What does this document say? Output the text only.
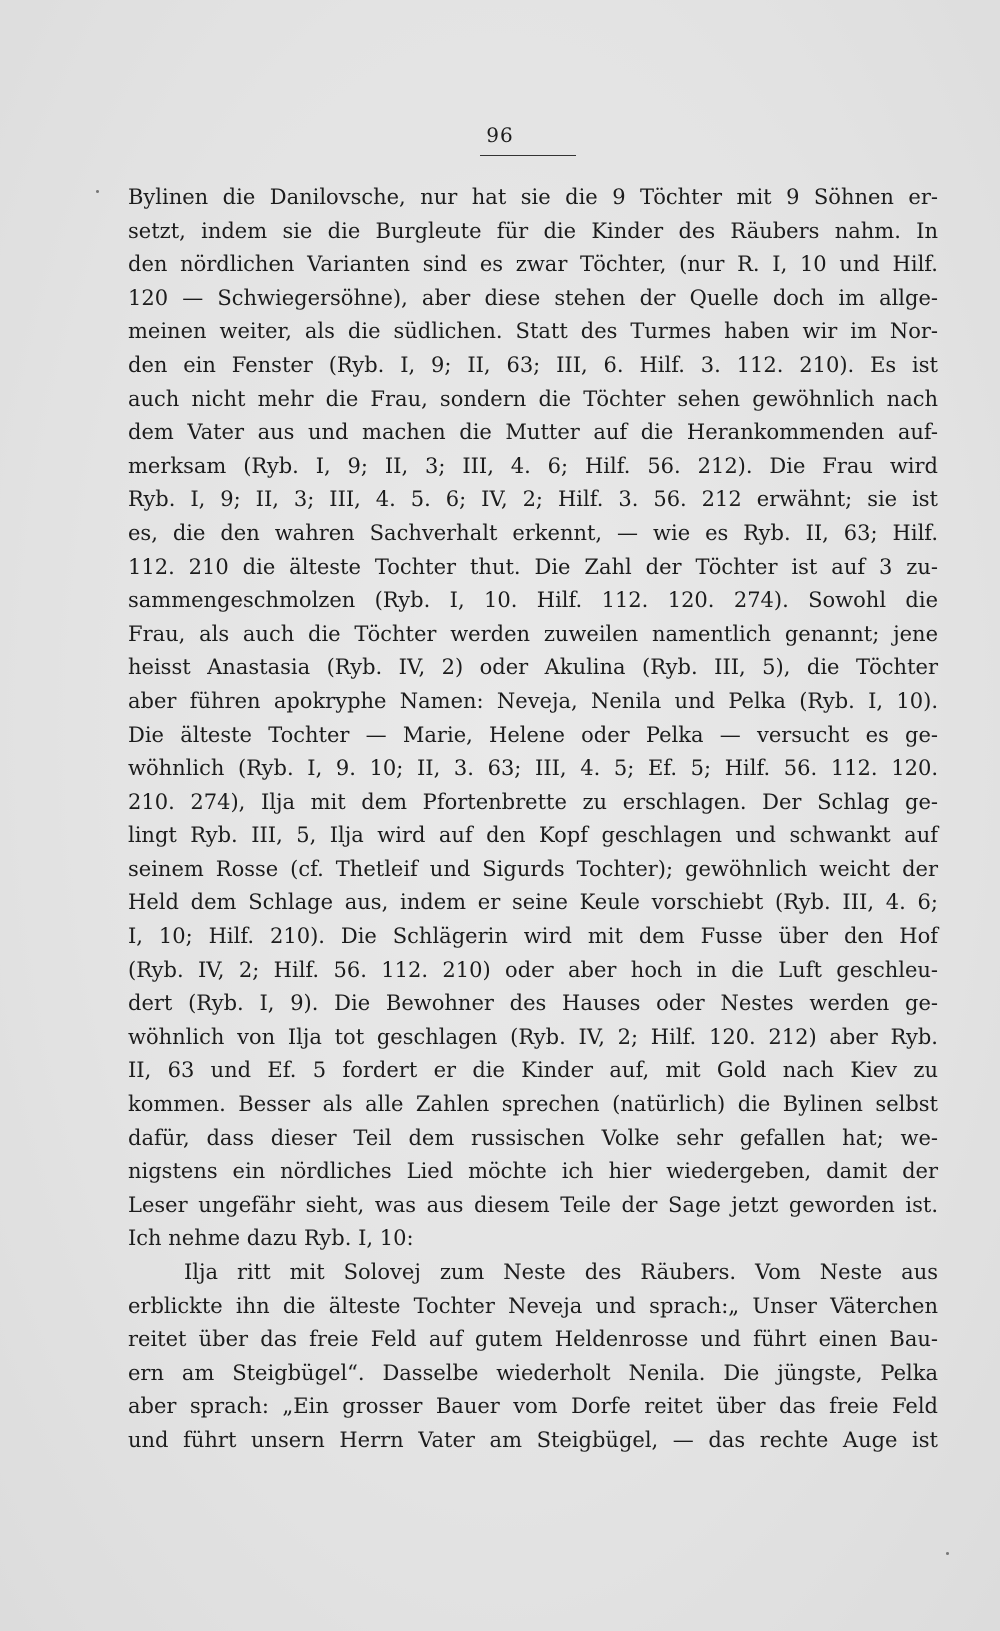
96
Bylinen die Danilovsche, nur hat sie die 9 Töchter mit 9 Söhnen er-
setzt, indem sie die Burgleute für die Kinder des Räubers nahm. In
den nördlichen Varianten sind es zwar Töchter, (nur R. I, 10 und Hilf.
120 — Schwiegersöhne), aber diese stehen der Quelle doch im allge-
meinen weiter, als die südlichen. Statt des Turmes haben wir im Nor-
den ein Fenster (Ryb. I, 9; II, 63; III, 6. Hilf. 3. 112. 210). Es ist
auch nicht mehr die Frau, sondern die Töchter sehen gewöhnlich nach
dem Vater aus und machen die Mutter auf die Herankommenden auf-
merksam (Ryb. I, 9; II, 3; III, 4. 6; Hilf. 56. 212). Die Frau wird
Ryb. I, 9; II, 3; III, 4. 5. 6; IV, 2; Hilf. 3. 56. 212 erwähnt; sie ist
es, die den wahren Sachverhalt erkennt, — wie es Ryb. II, 63; Hilf.
112. 210 die älteste Tochter thut. Die Zahl der Töchter ist auf 3 zu-
sammengeschmolzen (Ryb. I, 10. Hilf. 112. 120. 274). Sowohl die
Frau, als auch die Töchter werden zuweilen namentlich genannt; jene
heisst Anastasia (Ryb. IV, 2) oder Akulina (Ryb. III, 5), die Töchter
aber führen apokryphe Namen: Neveja, Nenila und Pelka (Ryb. I, 10).
Die älteste Tochter — Marie, Helene oder Pelka — versucht es ge-
wöhnlich (Ryb. I, 9. 10; II, 3. 63; III, 4. 5; Ef. 5; Hilf. 56. 112. 120.
210. 274), Ilja mit dem Pfortenbrette zu erschlagen. Der Schlag ge-
lingt Ryb. III, 5, Ilja wird auf den Kopf geschlagen und schwankt auf
seinem Rosse (cf. Thetleif und Sigurds Tochter); gewöhnlich weicht der
Held dem Schlage aus, indem er seine Keule vorschiebt (Ryb. III, 4. 6;
I, 10; Hilf. 210). Die Schlägerin wird mit dem Fusse über den Hof
(Ryb. IV, 2; Hilf. 56. 112. 210) oder aber hoch in die Luft geschleu-
dert (Ryb. I, 9). Die Bewohner des Hauses oder Nestes werden ge-
wöhnlich von Ilja tot geschlagen (Ryb. IV, 2; Hilf. 120. 212) aber Ryb.
II, 63 und Ef. 5 fordert er die Kinder auf, mit Gold nach Kiev zu
kommen. Besser als alle Zahlen sprechen (natürlich) die Bylinen selbst
dafür, dass dieser Teil dem russischen Volke sehr gefallen hat; we-
nigstens ein nördliches Lied möchte ich hier wiedergeben, damit der
Leser ungefähr sieht, was aus diesem Teile der Sage jetzt geworden ist.
Ich nehme dazu Ryb. I, 10:
Ilja ritt mit Solovej zum Neste des Räubers. Vom Neste aus
erblickte ihn die älteste Tochter Neveja und sprach:„ Unser Väterchen
reitet über das freie Feld auf gutem Heldenrosse und führt einen Bau-
ern am Steigbügel“. Dasselbe wiederholt Nenila. Die jüngste, Pelka
aber sprach: „Ein grosser Bauer vom Dorfe reitet über das freie Feld
und führt unsern Herrn Vater am Steigbügel, — das rechte Auge ist
